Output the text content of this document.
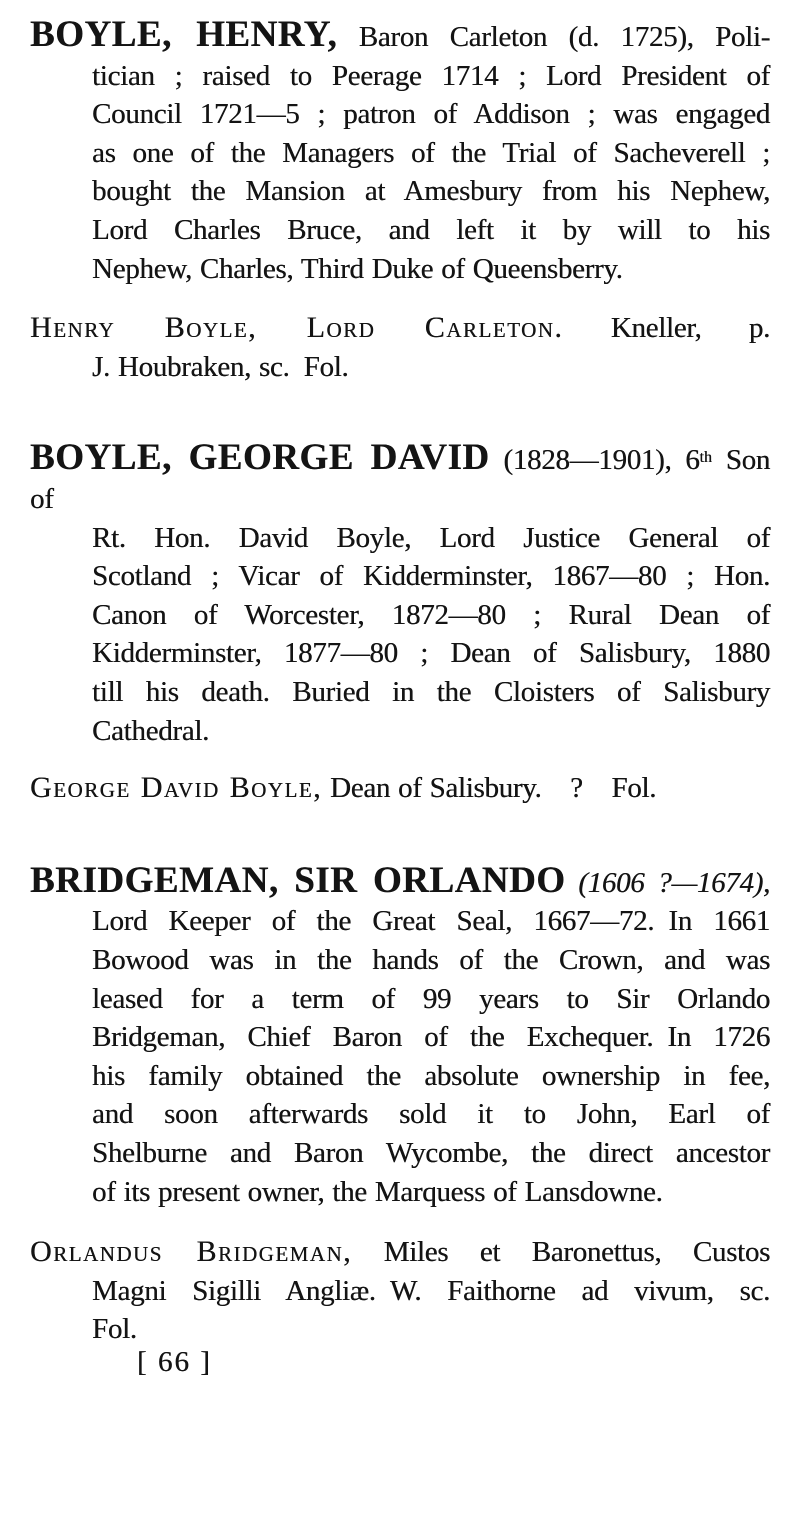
BOYLE, HENRY, Baron Carleton (d. 1725), Poli-
tician ; raised to Peerage 1714 ; Lord President of
Council 1721—5 ; patron of Addison ; was engaged
as one of the Managers of the Trial of Sacheverell ;
bought the Mansion at Amesbury from his Nephew,
Lord Charles Bruce, and left it by will to his
Nephew, Charles, Third Duke of Queensberry.
Henry Boyle, Lord Carleton. Kneller, p.
J. Houbraken, sc. Fol.
BOYLE, GEORGE DAVID (1828—1901), 6th Son of
Rt. Hon. David Boyle, Lord Justice General of
Scotland ; Vicar of Kidderminster, 1867—80 ; Hon.
Canon of Worcester, 1872—80 ; Rural Dean of
Kidderminster, 1877—80 ; Dean of Salisbury, 1880
till his death. Buried in the Cloisters of Salisbury
Cathedral.
George David Boyle, Dean of Salisbury. ? Fol.
BRIDGEMAN, SIR ORLANDO (1606 ?—1674),
Lord Keeper of the Great Seal, 1667—72. In 1661
Bowood was in the hands of the Crown, and was
leased for a term of 99 years to Sir Orlando
Bridgeman, Chief Baron of the Exchequer. In 1726
his family obtained the absolute ownership in fee,
and soon afterwards sold it to John, Earl of
Shelburne and Baron Wycombe, the direct ancestor
of its present owner, the Marquess of Lansdowne.
Orlandus Bridgeman, Miles et Baronettus, Custos
Magni Sigilli Angliæ. W. Faithorne ad vivum, sc.
Fol.
[ 66 ]
